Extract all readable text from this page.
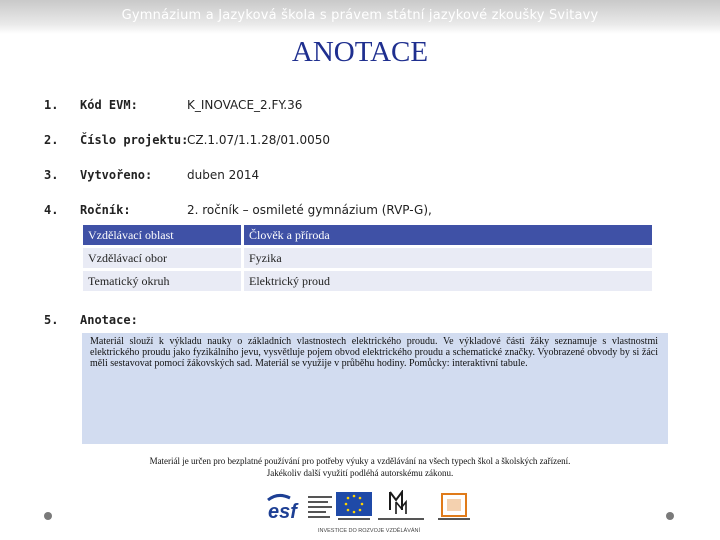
Gymnázium a Jazyková škola s právem státní jazykové zkoušky Svitavy
ANOTACE
1. Kód EVM:	K_INOVACE_2.FY.36
2. Číslo projektu:
CZ.1.07/1.1.28/01.0050
3. Vytvořeno:	duben 2014
4. Ročník:	2. ročník – osmileté gymnázium (RVP-G),
Vzdělávací oblast	Člověk a příroda
Vzdělávací obor	Fyzika
Tematický okruh	Elektrický proud
5. Anotace:
Materiál slouží k výkladu nauky o základních vlastnostech elektrického proudu. Ve výkladové části žáky seznamuje s vlastnostmi elektrického proudu jako fyzikálního jevu, vysvětluje pojem obvod elektrického proudu a schematické značky. Vyobrazené obvody by si žáci měli sestavovat pomocí žákovských sad. Materiál se využije v průběhu hodiny. Pomůcky: interaktivní tabule.
Materiál je určen pro bezplatné používání pro potřeby výuky a vzdělávání na všech typech škol a školských zařízení.
Jakékoliv další využití podléhá autorskému zákonu.
esf
INVESTICE DO ROZVOJE VZDĚLÁVÁNÍ
